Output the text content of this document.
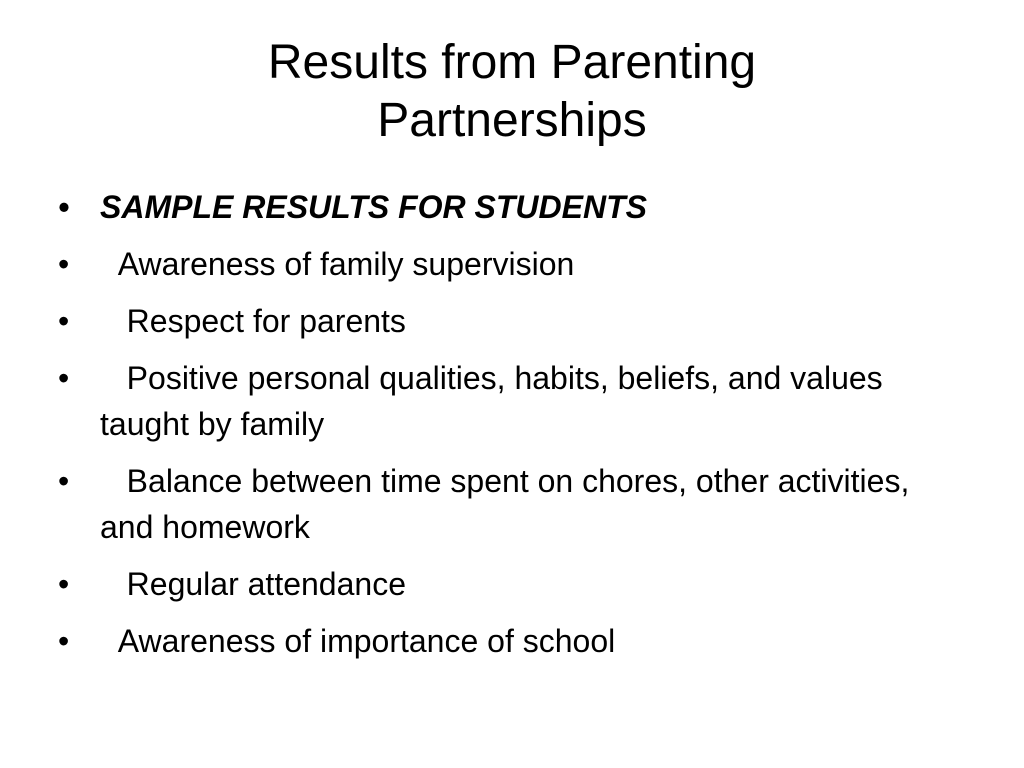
Results from Parenting
Partnerships
• SAMPLE RESULTS FOR STUDENTS
• Awareness of family supervision
• Respect for parents
• Positive personal qualities, habits, beliefs, and values taught by family
• Balance between time spent on chores, other activities, and homework
• Regular attendance
• Awareness of importance of school
